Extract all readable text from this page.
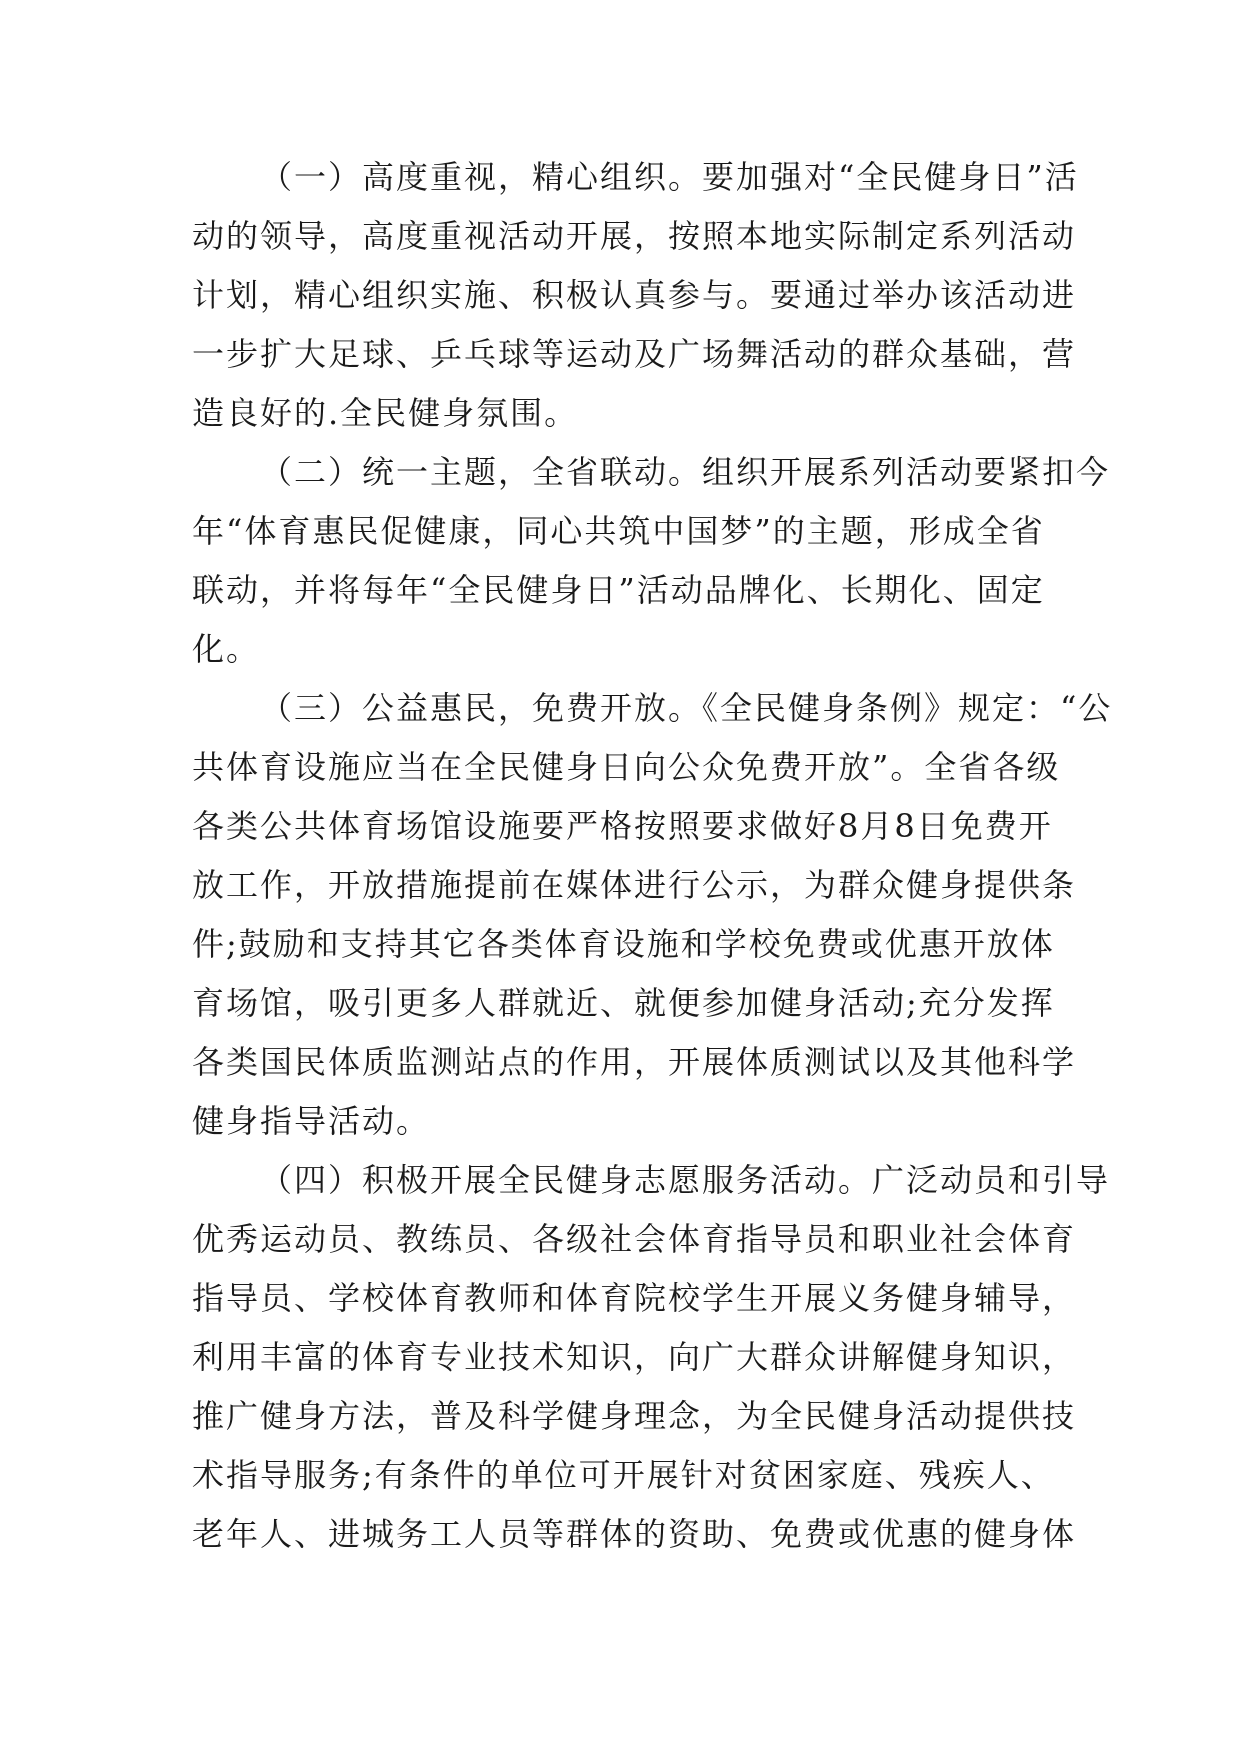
（一）高度重视，精心组织。要加强对“全民健身日”活
动的领导，高度重视活动开展，按照本地实际制定系列活动
计划，精心组织实施、积极认真参与。要通过举办该活动进
一步扩大足球、乒乓球等运动及广场舞活动的群众基础，营
造良好的.全民健身氛围。
（二）统一主题，全省联动。组织开展系列活动要紧扣今
年“体育惠民促健康，同心共筑中国梦”的主题，形成全省
联动，并将每年“全民健身日”活动品牌化、长期化、固定
化。
（三）公益惠民，免费开放。《全民健身条例》规定：“公
共体育设施应当在全民健身日向公众免费开放”。全省各级
各类公共体育场馆设施要严格按照要求做好8月8日免费开
放工作，开放措施提前在媒体进行公示，为群众健身提供条
件;鼓励和支持其它各类体育设施和学校免费或优惠开放体
育场馆，吸引更多人群就近、就便参加健身活动;充分发挥
各类国民体质监测站点的作用，开展体质测试以及其他科学
健身指导活动。
（四）积极开展全民健身志愿服务活动。广泛动员和引导
优秀运动员、教练员、各级社会体育指导员和职业社会体育
指导员、学校体育教师和体育院校学生开展义务健身辅导，
利用丰富的体育专业技术知识，向广大群众讲解健身知识，
推广健身方法，普及科学健身理念，为全民健身活动提供技
术指导服务;有条件的单位可开展针对贫困家庭、残疾人、
老年人、进城务工人员等群体的资助、免费或优惠的健身体
